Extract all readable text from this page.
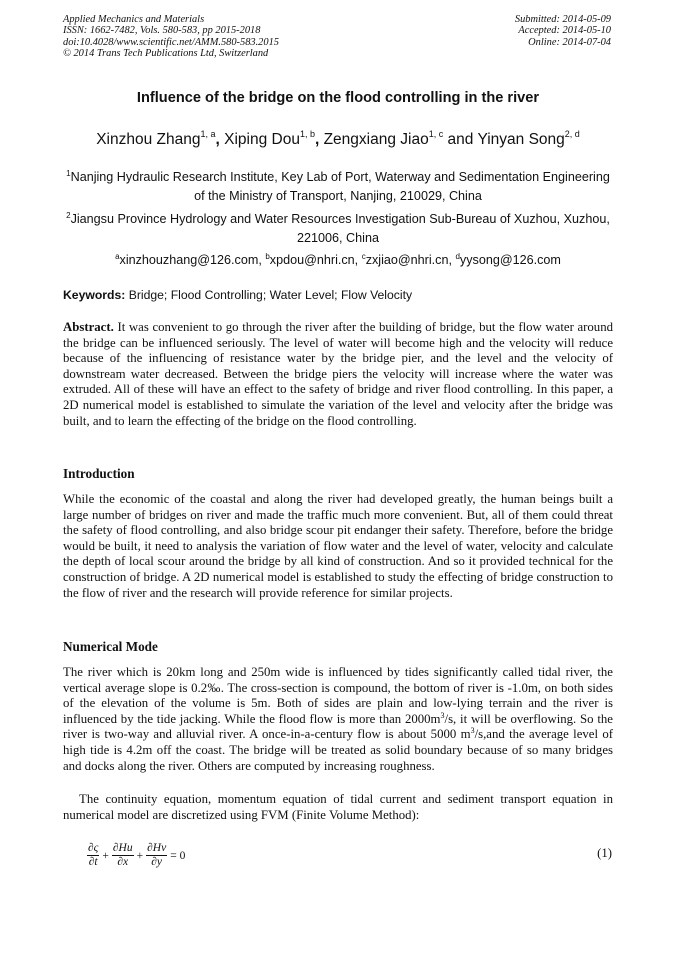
Applied Mechanics and Materials
ISSN: 1662-7482, Vols. 580-583, pp 2015-2018
doi:10.4028/www.scientific.net/AMM.580-583.2015
© 2014 Trans Tech Publications Ltd, Switzerland
Submitted: 2014-05-09
Accepted: 2014-05-10
Online: 2014-07-04
Influence of the bridge on the flood controlling in the river
Xinzhou Zhang$^{1, a}$, Xiping Dou$^{1, b}$, Zengxiang Jiao$^{1, c}$ and Yinyan Song$^{2, d}$
$^1$Nanjing Hydraulic Research Institute, Key Lab of Port, Waterway and Sedimentation Engineering of the Ministry of Transport, Nanjing, 210029, China
$^2$Jiangsu Province Hydrology and Water Resources Investigation Sub-Bureau of Xuzhou, Xuzhou, 221006, China
$^a$xinzhouzhang@126.com, $^b$xpdou@nhri.cn, $^c$zxjiao@nhri.cn, $^d$yysong@126.com
Keywords: Bridge; Flood Controlling; Water Level; Flow Velocity
Abstract. It was convenient to go through the river after the building of bridge, but the flow water around the bridge can be influenced seriously. The level of water will become high and the velocity will reduce because of the influencing of resistance water by the bridge pier, and the level and the velocity of downstream water decreased. Between the bridge piers the velocity will increase where the water was extruded. All of these will have an effect to the safety of bridge and river flood controlling. In this paper, a 2D numerical model is established to simulate the variation of the level and velocity after the bridge was built, and to learn the effecting of the bridge on the flood controlling.
Introduction
While the economic of the coastal and along the river had developed greatly, the human beings built a large number of bridges on river and made the traffic much more convenient. But, all of them could threat the safety of flood controlling, and also bridge scour pit endanger their safety. Therefore, before the bridge would be built, it need to analysis the variation of flow water and the level of water, velocity and calculate the depth of local scour around the bridge by all kind of construction. And so it provided technical for the construction of bridge. A 2D numerical model is established to study the effecting of bridge construction to the flow of river and the research will provide reference for similar projects.
Numerical Mode
The river which is 20km long and 250m wide is influenced by tides significantly called tidal river, the vertical average slope is 0.2‰. The cross-section is compound, the bottom of river is -1.0m, on both sides of the elevation of the volume is 5m. Both of sides are plain and low-lying terrain and the river is influenced by the tide jacking. While the flood flow is more than $2000m^3/s$, it will be overflowing. So the river is two-way and alluvial river. A once-in-a-century flow is about 5000 $m^3/s,and$ the average level of high tide is 4.2m off the coast. The bridge will be treated as solid boundary because of so many bridges and docks along the river. Others are computed by increasing roughness.
The continuity equation, momentum equation of tidal current and sediment transport equation in numerical model are discretized using FVM (Finite Volume Method):
$\frac{\partial\varsigma}{\partial t} + \frac{\partial Hu}{\partial x} + \frac{\partial Hv}{\partial y} = 0$	(1)
